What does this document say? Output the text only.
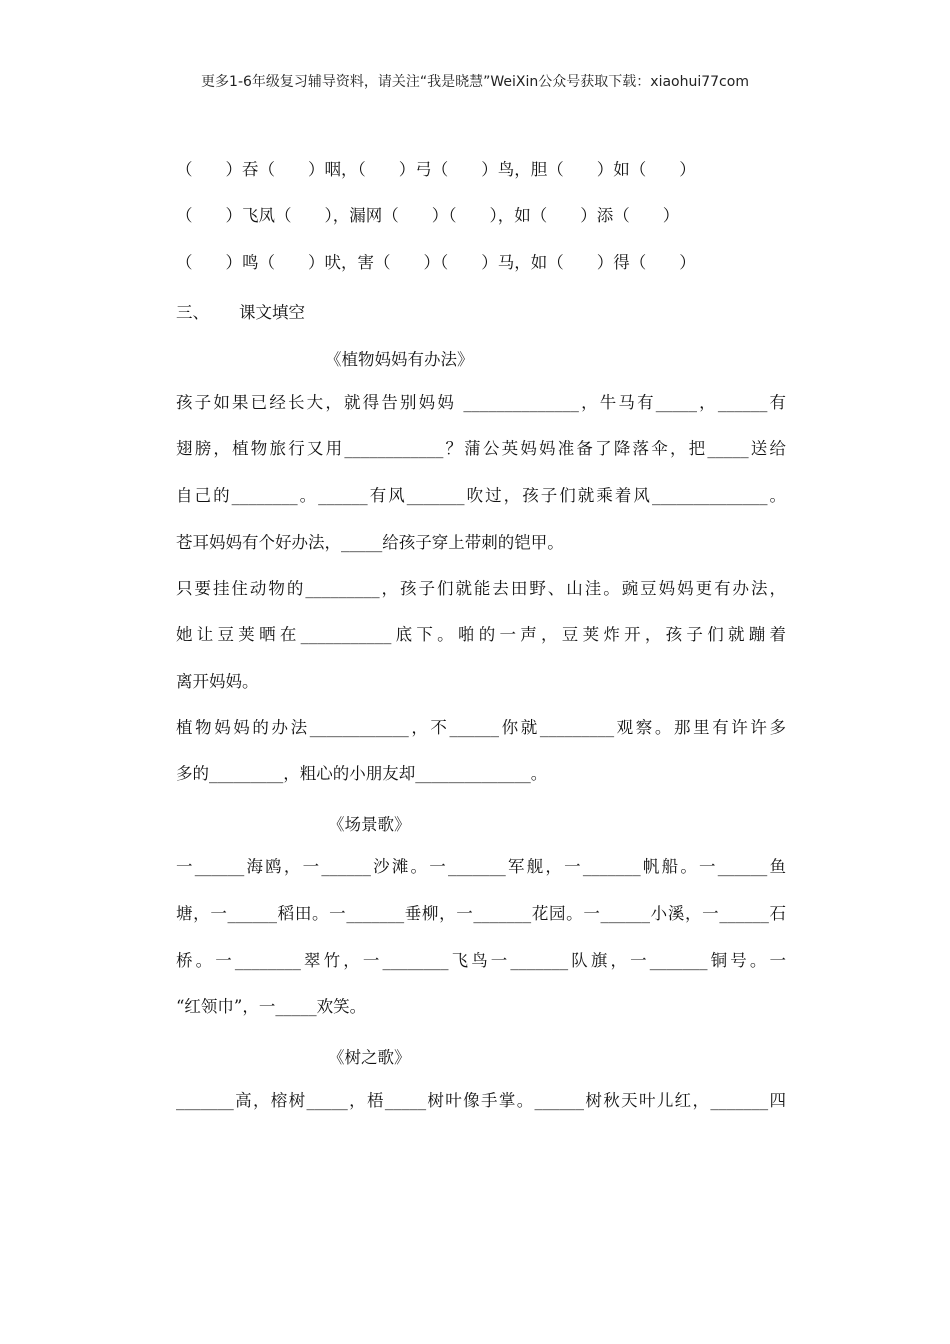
更多1-6年级复习辅导资料，请关注“我是晓慧”WeiXin公众号获取下载：xiaohui77com
（　　）吞（　　）咽，（　　）弓（　　）鸟，胆（　　）如（　　）
（　　）飞凤（　　），漏网（　　）（　　），如（　　）添（　　）
（　　）鸣（　　）吠，害（　　）（　　）马，如（　　）得（　　）
三、 课文填空
《植物妈妈有办法》
孩子如果已经长大，就得告别妈妈 ______________，牛马有_____，______有
翅膀，植物旅行又用____________？蒲公英妈妈准备了降落伞，把_____送给
自己的________。______有风_______吹过，孩子们就乘着风______________。
苍耳妈妈有个好办法，_____给孩子穿上带刺的铠甲。
只要挂住动物的_________，孩子们就能去田野、山洼。豌豆妈妈更有办法，
她让豆荚晒在___________底下。啪的一声，豆荚炸开，孩子们就蹦着
离开妈妈。
植物妈妈的办法____________，不______你就_________观察。那里有许许多
多的_________，粗心的小朋友却______________。
《场景歌》
一______海鸥，一______沙滩。一_______军舰，一_______帆船。一______鱼
塘，一______稻田。一_______垂柳，一_______花园。一______小溪，一______石
桥。一________翠竹，一________飞鸟一_______队旗，一_______铜号。一
“红领巾”，一_____欢笑。
《树之歌》
_______高，榕树_____，梧_____树叶像手掌。______树秋天叶儿红，_______四
